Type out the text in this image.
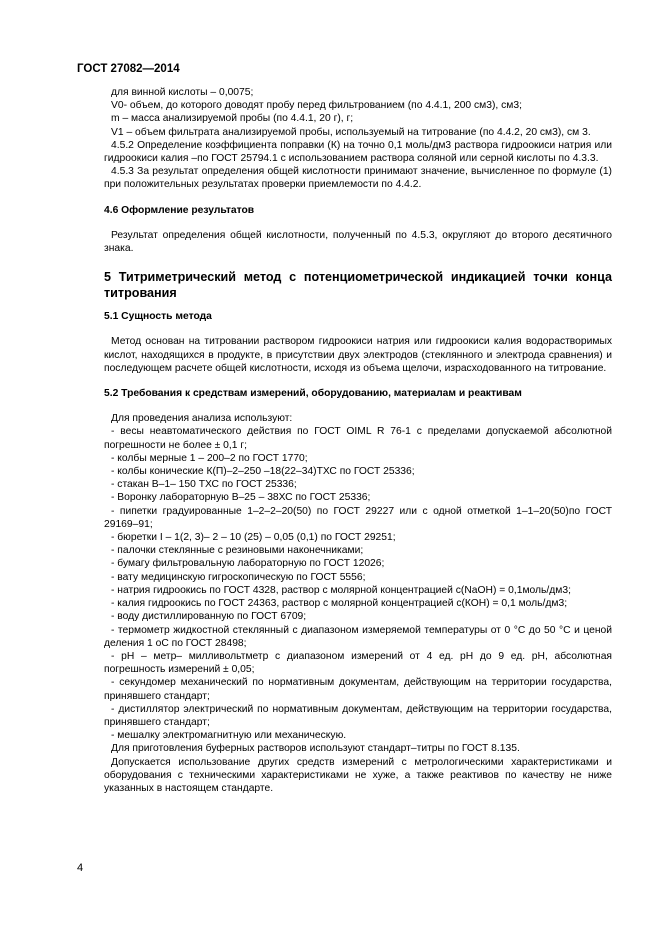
ГОСТ 27082—2014

для винной кислоты – 0,0075;

V0- объем, до которого доводят пробу перед фильтрованием (по 4.4.1, 200 см3), см3;

m – масса анализируемой пробы (по 4.4.1, 20 г), г;

V1 – объем фильтрата анализируемой пробы, используемый на титрование (по 4.4.2, 20 см3), см 3.

4.5.2 Определение коэффициента поправки (К) на точно 0,1 моль/дм3 раствора гидроокиси натрия или гидроокиси калия –по ГОСТ 25794.1 с использованием раствора соляной или серной кислоты по 4.3.3.

4.5.3 За результат определения общей кислотности принимают значение, вычисленное по формуле (1) при положительных результатах проверки приемлемости по 4.4.2.

4.6 Оформление результатов

Результат определения общей кислотности, полученный по 4.5.3, округляют до второго десятичного знака.

5 Титриметрический метод с потенциометрической индикацией точки конца титрования

5.1 Сущность метода

Метод основан на титровании раствором гидроокиси натрия или гидроокиси калия водорастворимых кислот, находящихся в продукте, в присутствии двух электродов (стеклянного и электрода сравнения) и последующем расчете общей кислотности, исходя из объема щелочи, израсходованного на титрование.

5.2 Требования к средствам измерений, оборудованию, материалам и реактивам

Для проведения анализа используют:

- весы неавтоматического действия по ГОСТ OIML R 76-1 с пределами допускаемой абсолютной погрешности не более ± 0,1 г;

- колбы мерные 1 – 200–2 по ГОСТ 1770;

- колбы конические К(П)–2–250 –18(22–34)ТХС по ГОСТ 25336;

- стакан В–1– 150 ТХС по ГОСТ 25336;

- Воронку лабораторную В–25 – 38ХС по ГОСТ 25336;

- пипетки градуированные 1–2–2–20(50) по ГОСТ 29227 или с одной отметкой 1–1–20(50)по ГОСТ 29169–91;

- бюретки I – 1(2, 3)– 2 – 10 (25) – 0,05 (0,1) по ГОСТ 29251;

- палочки стеклянные с резиновыми наконечниками;

- бумагу фильтровальную лабораторную по ГОСТ 12026;

- вату медицинскую гигроскопическую по ГОСТ 5556;

- натрия гидроокись по ГОСТ 4328, раствор с молярной концентрацией с(NaOH) = 0,1моль/дм3;

- калия гидроокись по ГОСТ 24363, раствор с молярной концентрацией с(КОН) = 0,1 моль/дм3;

- воду дистиллированную по ГОСТ 6709;

- термометр жидкостной стеклянный с диапазоном измеряемой температуры от 0 °С до 50 °С и ценой деления 1 оС по ГОСТ 28498;

- рН – метр– милливольтметр с диапазоном измерений от 4 ед. рН до 9 ед. рН, абсолютная погрешность измерений ± 0,05;

- секундомер механический по нормативным документам, действующим на территории государства, принявшего стандарт;

- дистиллятор электрический по нормативным документам, действующим на территории государства, принявшего стандарт;

- мешалку электромагнитную или механическую.

Для приготовления буферных растворов используют стандарт–титры по ГОСТ 8.135.

Допускается использование других средств измерений с метрологическими характеристиками и оборудования с техническими характеристиками не хуже, а также реактивов по качеству не ниже указанных в настоящем стандарте.

4
